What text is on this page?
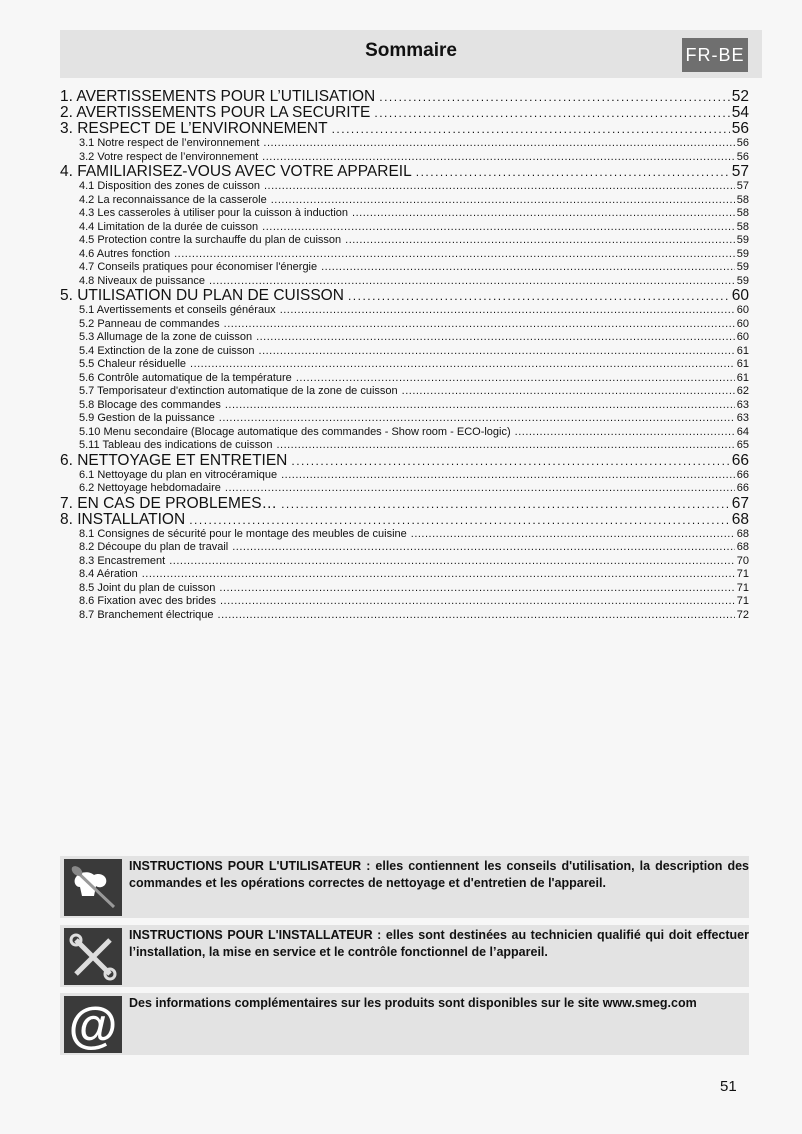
Sommaire	FR-BE
1. AVERTISSEMENTS POUR L’UTILISATION .....	52
2. AVERTISSEMENTS POUR LA SECURITE .....	54
3. RESPECT DE L’ENVIRONNEMENT .....	56
3.1 Notre respect de l’environnement .....	56
3.2 Votre respect de l’environnement .....	56
4. FAMILIARISEZ-VOUS AVEC VOTRE APPAREIL .....	57
4.1 Disposition des zones de cuisson .....	57
4.2 La reconnaissance de la casserole .....	58
4.3 Les casseroles à utiliser pour la cuisson à induction .....	58
4.4 Limitation de la durée de cuisson .....	58
4.5 Protection contre la surchauffe du plan de cuisson .....	59
4.6 Autres fonction .....	59
4.7 Conseils pratiques pour économiser l'énergie .....	59
4.8 Niveaux de puissance .....	59
5. UTILISATION DU PLAN DE CUISSON .....	60
5.1 Avertissements et conseils généraux .....	60
5.2 Panneau de commandes .....	60
5.3 Allumage de la zone de cuisson .....	60
5.4 Extinction de la zone de cuisson .....	61
5.5 Chaleur résiduelle .....	61
5.6 Contrôle automatique de la température .....	61
5.7 Temporisateur d'extinction automatique de la zone de cuisson .....	62
5.8 Blocage des commandes .....	63
5.9 Gestion de la puissance .....	63
5.10 Menu secondaire (Blocage automatique des commandes - Show room - ECO-logic) .....	64
5.11 Tableau des indications de cuisson .....	65
6. NETTOYAGE ET ENTRETIEN .....	66
6.1 Nettoyage du plan en vitrocéramique .....	66
6.2 Nettoyage hebdomadaire .....	66
7. EN CAS DE PROBLEMES… .....	67
8. INSTALLATION .....	68
8.1 Consignes de sécurité pour le montage des meubles de cuisine .....	68
8.2 Découpe du plan de travail .....	68
8.3 Encastrement .....	70
8.4 Aération .....	71
8.5 Joint du plan de cuisson .....	71
8.6 Fixation avec des brides .....	71
8.7 Branchement électrique .....	72

INSTRUCTIONS POUR L'UTILISATEUR : elles contiennent les conseils d'utilisation, la description des commandes et les opérations correctes de nettoyage et d'entretien de l'appareil.

INSTRUCTIONS POUR L'INSTALLATEUR : elles sont destinées au technicien qualifié qui doit effectuer l’installation, la mise en service et le contrôle fonctionnel de l’appareil.

@ Des informations complémentaires sur les produits sont disponibles sur le site www.smeg.com

51
